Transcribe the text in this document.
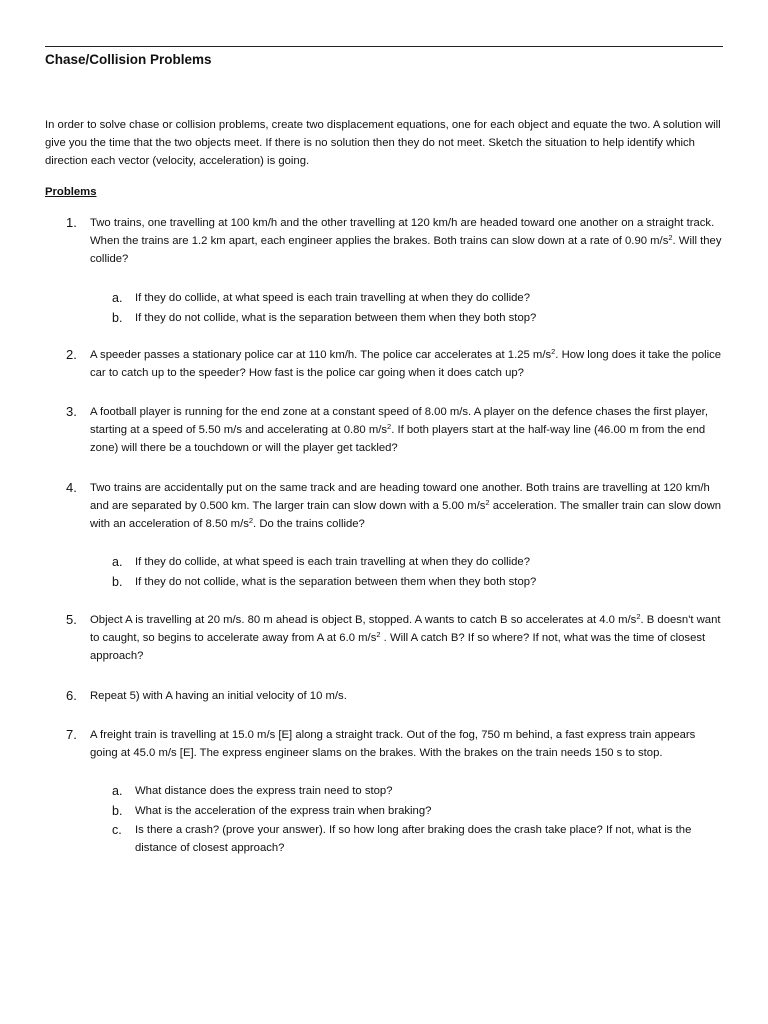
Chase/Collision Problems

In order to solve chase or collision problems, create two displacement equations, one for each object and equate the two. A solution will give you the time that the two objects meet. If there is no solution then they do not meet. Sketch the situation to help identify which direction each vector (velocity, acceleration) is going.

Problems
1.	Two trains, one travelling at 100 km/h and the other travelling at 120 km/h are headed toward one another on a straight track. When the trains are 1.2 km apart, each engineer applies the brakes. Both trains can slow down at a rate of 0.90 $m/s^2$. Will they collide?
a. If they do collide, at what speed is each train travelling at when they do collide?
b. If they do not collide, what is the separation between them when they both stop?
2.	A speeder passes a stationary police car at 110 km/h. The police car accelerates at 1.25 $m/s^2$. How long does it take the police car to catch up to the speeder? How fast is the police car going when it does catch up?
3.	A football player is running for the end zone at a constant speed of 8.00 m/s. A player on the defence chases the first player, starting at a speed of 5.50 m/s and accelerating at 0.80 $m/s^2$. If both players start at the half-way line (46.00 m from the end zone) will there be a touchdown or will the player get tackled?
4.	Two trains are accidentally put on the same track and are heading toward one another. Both trains are travelling at 120 km/h and are separated by 0.500 km. The larger train can slow down with a 5.00 $m/s^2$ acceleration. The smaller train can slow down with an acceleration of 8.50 $m/s^2$. Do the trains collide?
a. If they do collide, at what speed is each train travelling at when they do collide?
b. If they do not collide, what is the separation between them when they both stop?
5.	Object A is travelling at 20 m/s. 80 m ahead is object B, stopped. A wants to catch B so accelerates at 4.0 $m/s^2$. B doesn't want to caught, so begins to accelerate away from A at 6.0 $m/s^2$ . Will A catch B? If so where? If not, what was the time of closest approach?
6.	Repeat 5) with A having an initial velocity of 10 m/s.
7.	A freight train is travelling at 15.0 m/s [E] along a straight track. Out of the fog, 750 m behind, a fast express train appears going at 45.0 m/s [E]. The express engineer slams on the brakes. With the brakes on the train needs 150 s to stop.
a. What distance does the express train need to stop?
b. What is the acceleration of the express train when braking?
c. Is there a crash? (prove your answer). If so how long after braking does the crash take place? If not, what is the distance of closest approach?
